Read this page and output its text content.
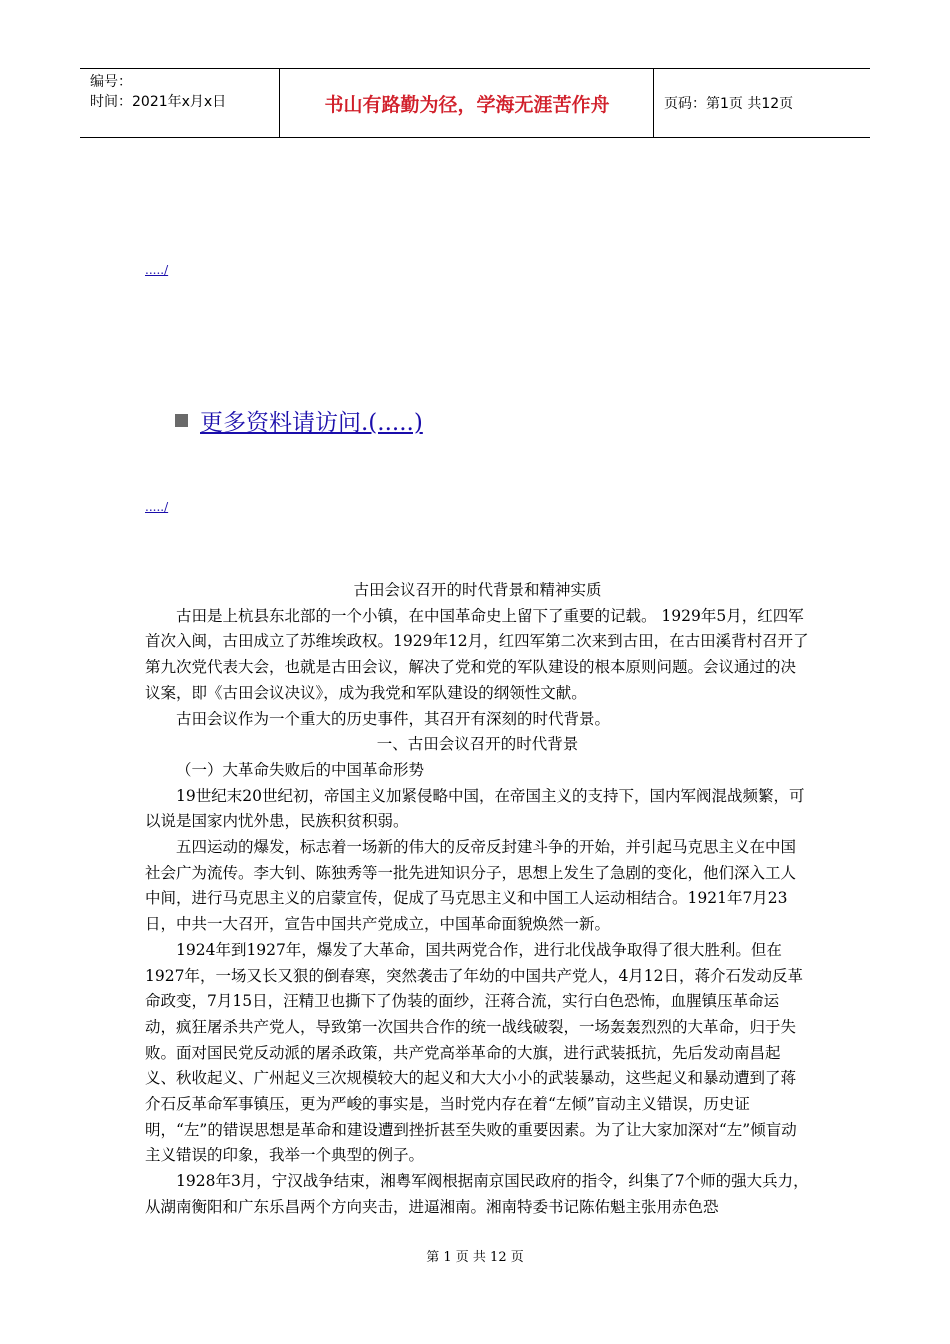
编号：
时间：2021年x月x日	书山有路勤为径，学海无涯苦作舟	页码：第1页 共12页
...../
更多资料请访问.(.....)
...../

古田会议召开的时代背景和精神实质

古田是上杭县东北部的一个小镇，在中国革命史上留下了重要的记载。 1929年5月，红四军首次入闽，古田成立了苏维埃政权。1929年12月，红四军第二次来到古田，在古田溪背村召开了第九次党代表大会，也就是古田会议，解决了党和党的军队建设的根本原则问题。会议通过的决议案，即《古田会议决议》，成为我党和军队建设的纲领性文献。

古田会议作为一个重大的历史事件，其召开有深刻的时代背景。

一、古田会议召开的时代背景

（一）大革命失败后的中国革命形势

19世纪末20世纪初，帝国主义加紧侵略中国，在帝国主义的支持下，国内军阀混战频繁，可以说是国家内忧外患，民族积贫积弱。

五四运动的爆发，标志着一场新的伟大的反帝反封建斗争的开始，并引起马克思主义在中国社会广为流传。李大钊、陈独秀等一批先进知识分子，思想上发生了急剧的变化，他们深入工人中间，进行马克思主义的启蒙宣传，促成了马克思主义和中国工人运动相结合。1921年7月23日，中共一大召开，宣告中国共产党成立，中国革命面貌焕然一新。

1924年到1927年，爆发了大革命，国共两党合作，进行北伐战争取得了很大胜利。但在1927年，一场又长又狠的倒春寒，突然袭击了年幼的中国共产党人，4月12日，蒋介石发动反革命政变，7月15日，汪精卫也撕下了伪装的面纱，汪蒋合流，实行白色恐怖，血腥镇压革命运动，疯狂屠杀共产党人，导致第一次国共合作的统一战线破裂，一场轰轰烈烈的大革命，归于失败。面对国民党反动派的屠杀政策，共产党高举革命的大旗，进行武装抵抗，先后发动南昌起义、秋收起义、广州起义三次规模较大的起义和大大小小的武装暴动，这些起义和暴动遭到了蒋介石反革命军事镇压，更为严峻的事实是，当时党内存在着“左倾”盲动主义错误，历史证明，“左”的错误思想是革命和建设遭到挫折甚至失败的重要因素。为了让大家加深对“左”倾盲动主义错误的印象，我举一个典型的例子。

1928年3月，宁汉战争结束，湘粤军阀根据南京国民政府的指令，纠集了7个师的强大兵力，从湖南衡阳和广东乐昌两个方向夹击，进逼湘南。湘南特委书记陈佑魁主张用赤色恐

第 1 页 共 12 页
